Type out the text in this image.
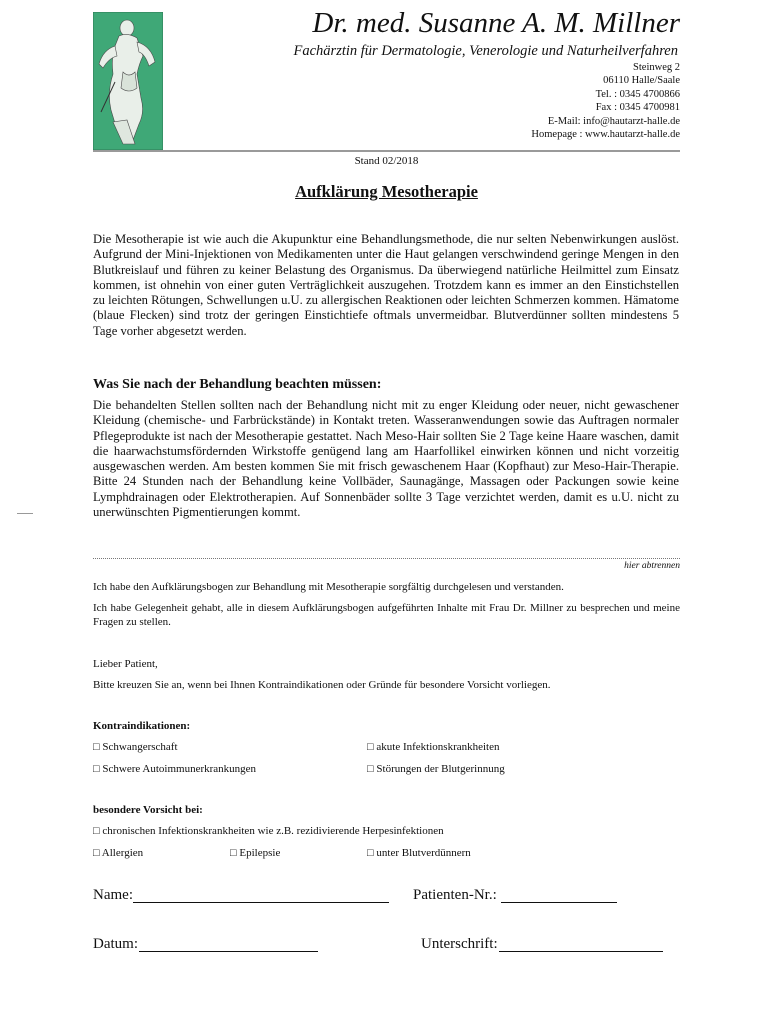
Dr. med. Susanne A. M. Millner
Fachärztin für Dermatologie, Venerologie und Naturheilverfahren
Steinweg 2
06110 Halle/Saale
Tel. : 0345 4700866
Fax : 0345 4700981
E-Mail: info@hautarzt-halle.de
Homepage : www.hautarzt-halle.de
Stand 02/2018
Aufklärung Mesotherapie
Die Mesotherapie ist wie auch die Akupunktur eine Behandlungsmethode, die nur selten Nebenwirkungen auslöst. Aufgrund der Mini-Injektionen von Medikamenten unter die Haut gelangen verschwindend geringe Mengen in den Blutkreislauf und führen zu keiner Belastung des Organismus. Da überwiegend natürliche Heilmittel zum Einsatz kommen, ist ohnehin von einer guten Verträglichkeit auszugehen. Trotzdem kann es immer an den Einstichstellen zu leichten Rötungen, Schwellungen u.U. zu allergischen Reaktionen oder leichten Schmerzen kommen. Hämatome (blaue Flecken) sind trotz der geringen Einstichtiefe oftmals unvermeidbar. Blutverdünner sollten mindestens 5 Tage vorher abgesetzt werden.
Was Sie nach der Behandlung beachten müssen:
Die behandelten Stellen sollten nach der Behandlung nicht mit zu enger Kleidung oder neuer, nicht gewaschener Kleidung (chemische- und Farbrückstände) in Kontakt treten. Wasseranwendungen sowie das Auftragen normaler Pflegeprodukte ist nach der Mesotherapie gestattet. Nach Meso-Hair sollten Sie 2 Tage keine Haare waschen, damit die haarwachstumsfördernden Wirkstoffe genügend lang am Haarfollikel einwirken können und nicht vorzeitig ausgewaschen werden. Am besten kommen Sie mit frisch gewaschenem Haar (Kopfhaut) zur Meso-Hair-Therapie. Bitte 24 Stunden nach der Behandlung keine Vollbäder, Saunagänge, Massagen oder Packungen sowie keine Lymphdrainagen oder Elektrotherapien. Auf Sonnenbäder sollte 3 Tage verzichtet werden, damit es u.U. nicht zu unerwünschten Pigmentierungen kommt.
hier abtrennen
Ich habe den Aufklärungsbogen zur Behandlung mit Mesotherapie sorgfältig durchgelesen und verstanden.
Ich habe Gelegenheit gehabt, alle in diesem Aufklärungsbogen aufgeführten Inhalte mit Frau Dr. Millner zu besprechen und meine Fragen zu stellen.
Lieber Patient,
Bitte kreuzen Sie an, wenn bei Ihnen Kontraindikationen oder Gründe für besondere Vorsicht vorliegen.
Kontraindikationen:
□ Schwangerschaft	□ akute Infektionskrankheiten
□ Schwere Autoimmunerkrankungen	□ Störungen der Blutgerinnung
besondere Vorsicht bei:
□ chronischen Infektionskrankheiten wie z.B. rezidivierende Herpesinfektionen
□ Allergien	□ Epilepsie	□ unter Blutverdünnern
Name:	Patienten-Nr.:
Datum:	Unterschrift:
